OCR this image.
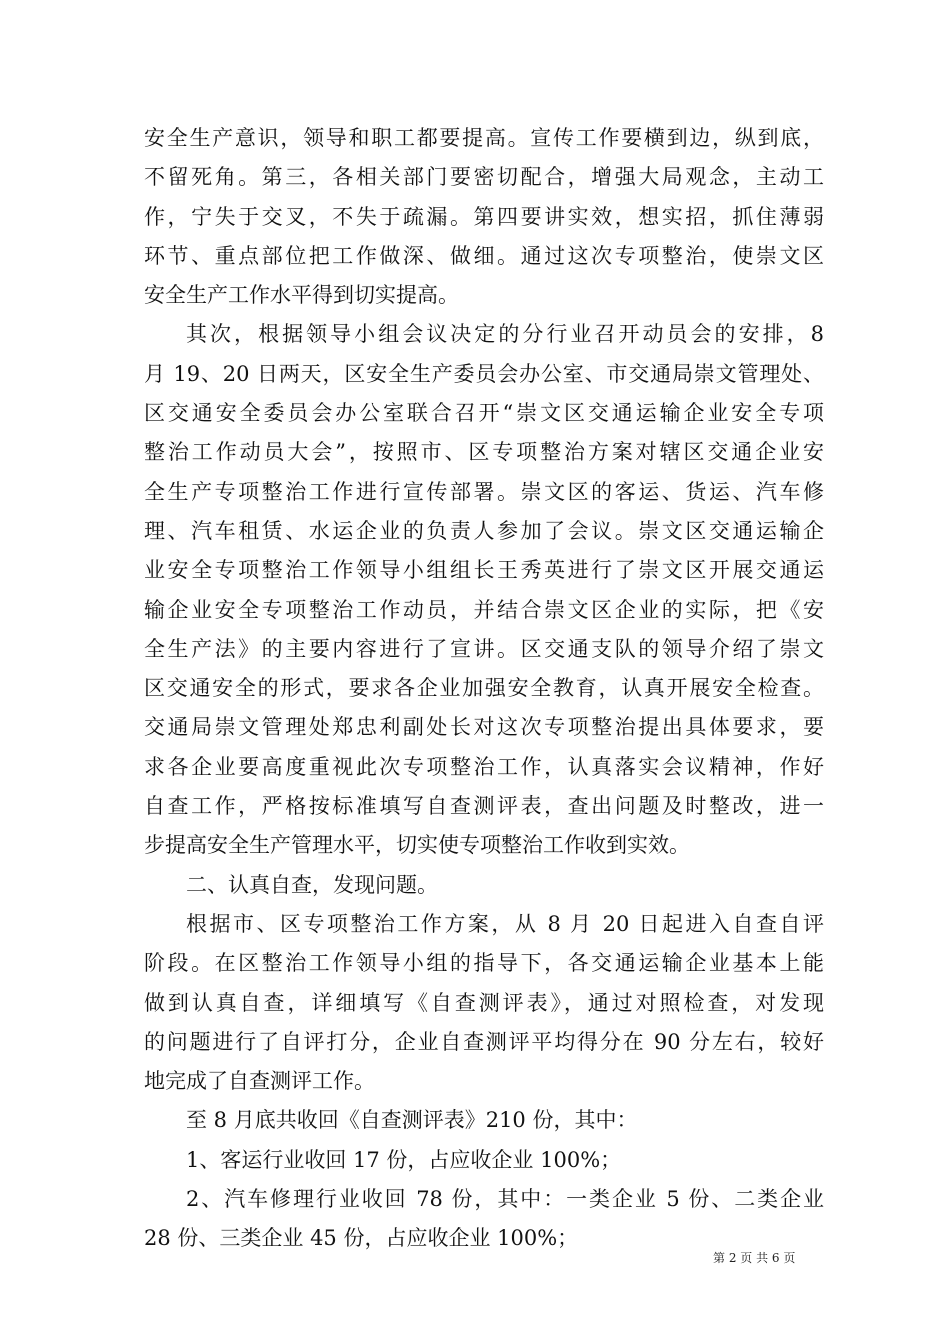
安全生产意识，领导和职工都要提高。宣传工作要横到边，纵到底，
不留死角。第三，各相关部门要密切配合，增强大局观念，主动工
作，宁失于交叉，不失于疏漏。第四要讲实效，想实招，抓住薄弱
环节、重点部位把工作做深、做细。通过这次专项整治，使崇文区
安全生产工作水平得到切实提高。
其次，根据领导小组会议决定的分行业召开动员会的安排，8
月 19、20 日两天，区安全生产委员会办公室、市交通局崇文管理处、
区交通安全委员会办公室联合召开“崇文区交通运输企业安全专项
整治工作动员大会”，按照市、区专项整治方案对辖区交通企业安
全生产专项整治工作进行宣传部署。崇文区的客运、货运、汽车修
理、汽车租赁、水运企业的负责人参加了会议。崇文区交通运输企
业安全专项整治工作领导小组组长王秀英进行了崇文区开展交通运
输企业安全专项整治工作动员，并结合崇文区企业的实际，把《安
全生产法》的主要内容进行了宣讲。区交通支队的领导介绍了崇文
区交通安全的形式，要求各企业加强安全教育，认真开展安全检查。
交通局崇文管理处郑忠利副处长对这次专项整治提出具体要求，要
求各企业要高度重视此次专项整治工作，认真落实会议精神，作好
自查工作，严格按标准填写自查测评表，查出问题及时整改，进一
步提高安全生产管理水平，切实使专项整治工作收到实效。
二、认真自查，发现问题。
根据市、区专项整治工作方案，从 8 月 20 日起进入自查自评
阶段。在区整治工作领导小组的指导下，各交通运输企业基本上能
做到认真自查，详细填写《自查测评表》，通过对照检查，对发现
的问题进行了自评打分，企业自查测评平均得分在 90 分左右，较好
地完成了自查测评工作。
至 8 月底共收回《自查测评表》210 份，其中：
1、客运行业收回 17 份，占应收企业 100%；
2、汽车修理行业收回 78 份，其中：一类企业 5 份、二类企业
28 份、三类企业 45 份，占应收企业 100%；
第 2 页 共 6 页
